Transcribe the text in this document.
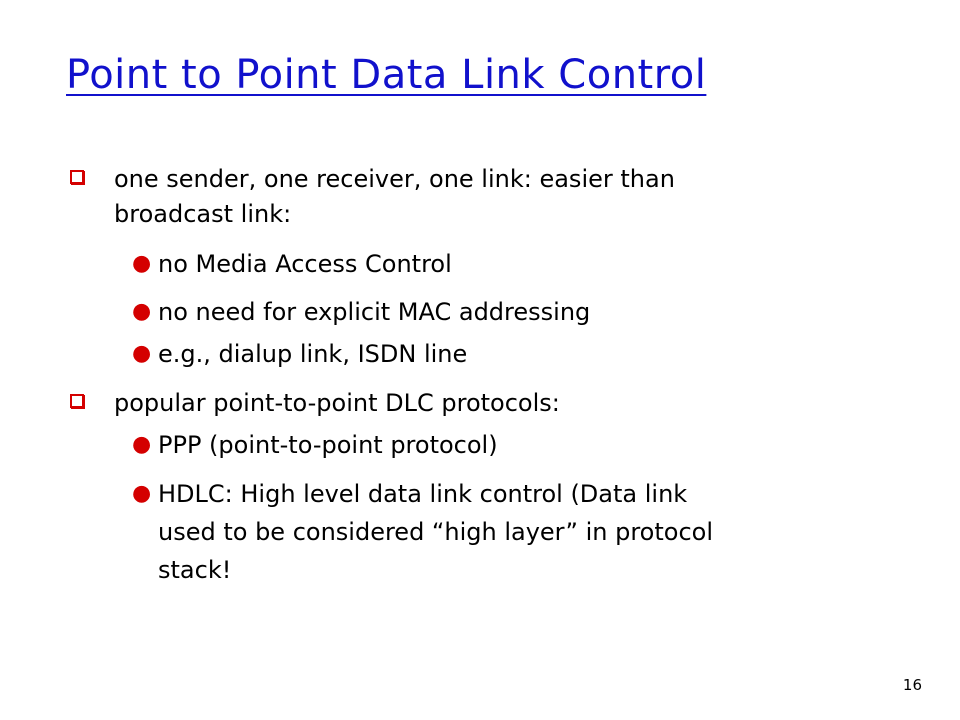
Point to Point Data Link Control
one sender, one receiver, one link: easier than
broadcast link:
● no Media Access Control
● no need for explicit MAC addressing
● e.g., dialup link, ISDN line
popular point-to-point DLC protocols:
● PPP (point-to-point protocol)
● HDLC: High level data link control (Data link
used to be considered “high layer” in protocol
stack!
16
